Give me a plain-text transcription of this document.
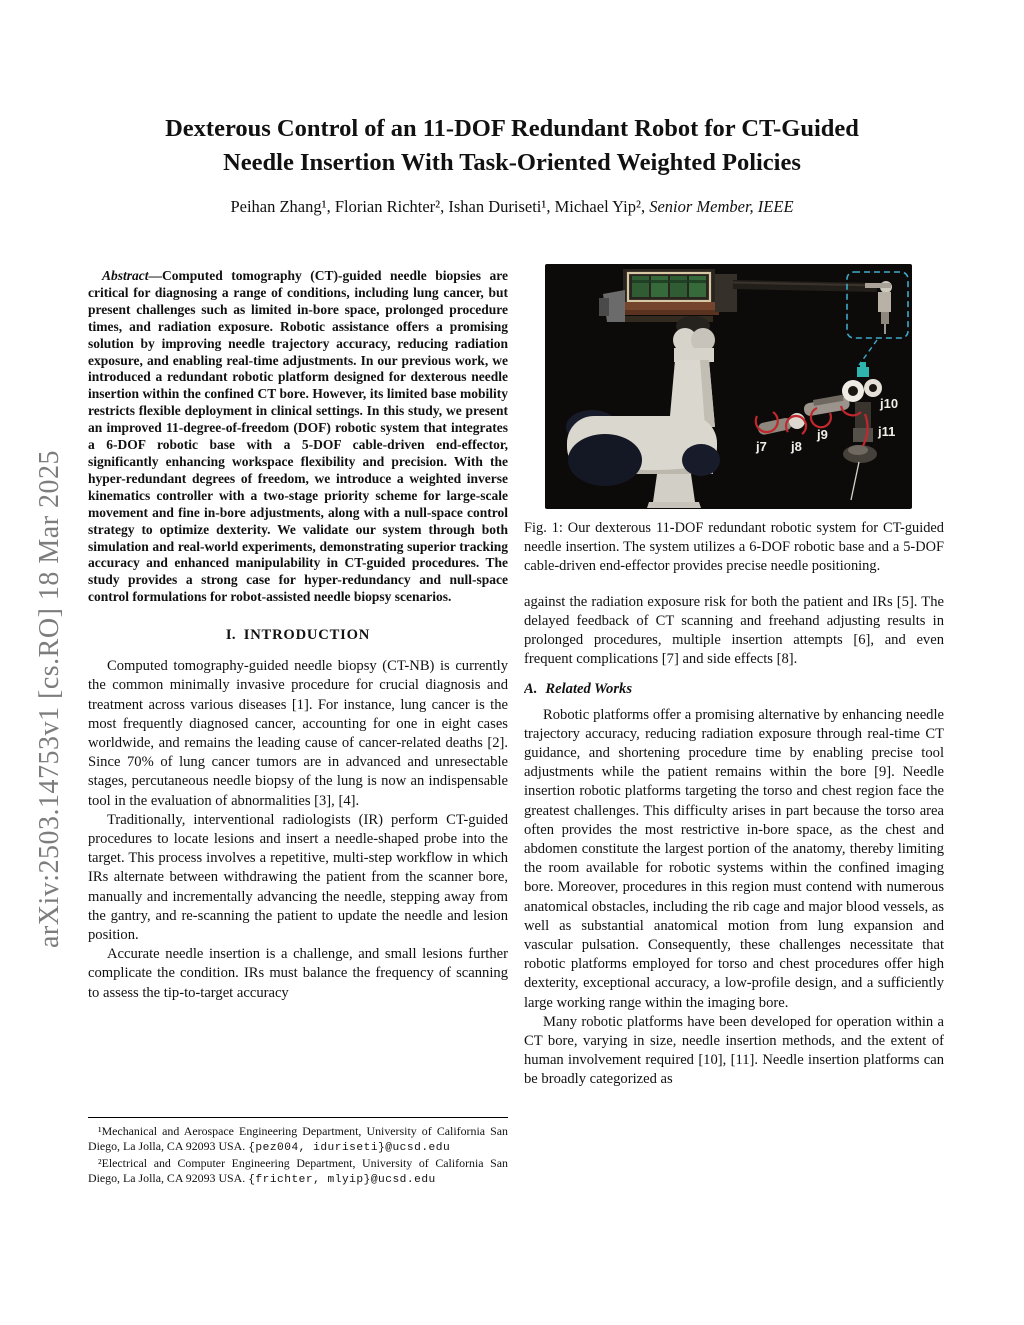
arXiv:2503.14753v1 [cs.RO] 18 Mar 2025
Dexterous Control of an 11-DOF Redundant Robot for CT-Guided Needle Insertion With Task-Oriented Weighted Policies
Peihan Zhang¹, Florian Richter², Ishan Duriseti¹, Michael Yip², Senior Member, IEEE

Abstract—Computed tomography (CT)-guided needle biopsies are critical for diagnosing a range of conditions, including lung cancer, but present challenges such as limited in-bore space, prolonged procedure times, and radiation exposure. Robotic assistance offers a promising solution by improving needle trajectory accuracy, reducing radiation exposure, and enabling real-time adjustments. In our previous work, we introduced a redundant robotic platform designed for dexterous needle insertion within the confined CT bore. However, its limited base mobility restricts flexible deployment in clinical settings. In this study, we present an improved 11-degree-of-freedom (DOF) robotic system that integrates a 6-DOF robotic base with a 5-DOF cable-driven end-effector, significantly enhancing workspace flexibility and precision. With the hyper-redundant degrees of freedom, we introduce a weighted inverse kinematics controller with a two-stage priority scheme for large-scale movement and fine in-bore adjustments, along with a null-space control strategy to optimize dexterity. We validate our system through both simulation and real-world experiments, demonstrating superior tracking accuracy and enhanced manipulability in CT-guided procedures. The study provides a strong case for hyper-redundancy and null-space control formulations for robot-assisted needle biopsy scenarios.

I. INTRODUCTION

Computed tomography-guided needle biopsy (CT-NB) is currently the common minimally invasive procedure for crucial diagnosis and treatment across various diseases [1]. For instance, lung cancer is the most frequently diagnosed cancer, accounting for one in eight cases worldwide, and remains the leading cause of cancer-related deaths [2]. Since 70% of lung cancer tumors are in advanced and unresectable stages, percutaneous needle biopsy of the lung is now an indispensable tool in the evaluation of abnormalities [3], [4].

Traditionally, interventional radiologists (IR) perform CT-guided procedures to locate lesions and insert a needle-shaped probe into the target. This process involves a repetitive, multi-step workflow in which IRs alternate between withdrawing the patient from the scanner bore, manually and incrementally advancing the needle, stepping away from the gantry, and re-scanning the patient to update the needle and lesion position.

Accurate needle insertion is a challenge, and small lesions further complicate the condition. IRs must balance the frequency of scanning to assess the tip-to-target accuracy

¹Mechanical and Aerospace Engineering Department, University of California San Diego, La Jolla, CA 92093 USA. {pez004, iduriseti}@ucsd.edu

²Electrical and Computer Engineering Department, University of California San Diego, La Jolla, CA 92093 USA. {frichter, mlyip}@ucsd.edu

j7 j8
j9
j10
j11
Fig. 1: Our dexterous 11-DOF redundant robotic system for CT-guided needle insertion. The system utilizes a 6-DOF robotic base and a 5-DOF cable-driven end-effector provides precise needle positioning.

against the radiation exposure risk for both the patient and IRs [5]. The delayed feedback of CT scanning and freehand adjusting results in prolonged procedures, multiple insertion attempts [6], and even frequent complications [7] and side effects [8].

A. Related Works

Robotic platforms offer a promising alternative by enhancing needle trajectory accuracy, reducing radiation exposure through real-time CT guidance, and shortening procedure time by enabling precise tool adjustments while the patient remains within the bore [9]. Needle insertion robotic platforms targeting the torso and chest region face the greatest challenges. This difficulty arises in part because the torso area often provides the most restrictive in-bore space, as the chest and abdomen constitute the largest portion of the anatomy, thereby limiting the room available for robotic systems within the confined imaging bore. Moreover, procedures in this region must contend with numerous anatomical obstacles, including the rib cage and major blood vessels, as well as substantial anatomical motion from lung expansion and vascular pulsation. Consequently, these challenges necessitate that robotic platforms employed for torso and chest procedures offer high dexterity, exceptional accuracy, a low-profile design, and a sufficiently large working range within the imaging bore.

Many robotic platforms have been developed for operation within a CT bore, varying in size, needle insertion methods, and the extent of human involvement required [10], [11]. Needle insertion platforms can be broadly categorized as
